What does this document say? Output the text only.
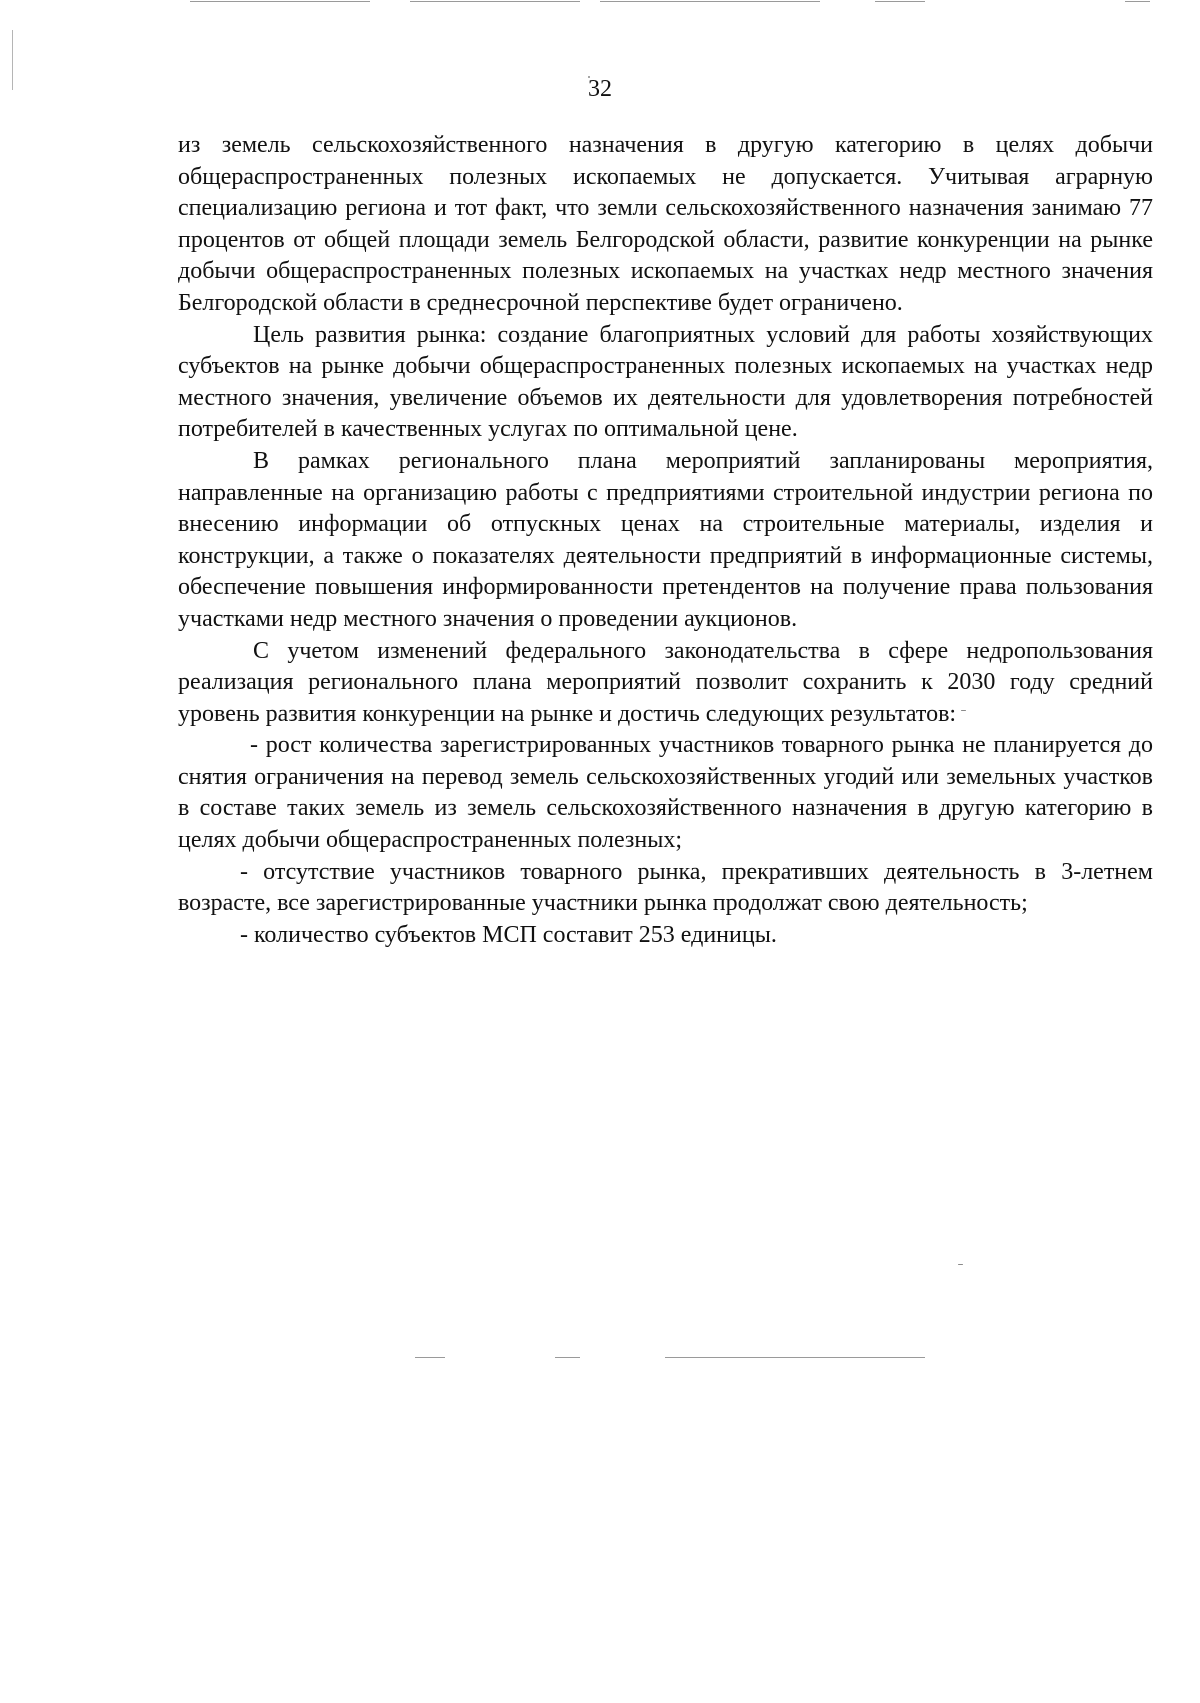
32

из земель сельскохозяйственного назначения в другую категорию в целях добычи общераспространенных полезных ископаемых не допускается. Учитывая аграрную специализацию региона и тот факт, что земли сельскохозяйственного назначения занимаю 77 процентов от общей площади земель Белгородской области, развитие конкуренции на рынке добычи общераспространенных полезных ископаемых на участках недр местного значения Белгородской области в среднесрочной перспективе будет ограничено.

Цель развития рынка: создание благоприятных условий для работы хозяйствующих субъектов на рынке добычи общераспространенных полезных ископаемых на участках недр местного значения, увеличение объемов их деятельности для удовлетворения потребностей потребителей в качественных услугах по оптимальной цене.

В рамках регионального плана мероприятий запланированы мероприятия, направленные на организацию работы с предприятиями строительной индустрии региона по внесению информации об отпускных ценах на строительные материалы, изделия и конструкции, а также о показателях деятельности предприятий в информационные системы, обеспечение повышения информированности претендентов на получение права пользования участками недр местного значения о проведении аукционов.

С учетом изменений федерального законодательства в сфере недропользования реализация регионального плана мероприятий позволит сохранить к 2030 году средний уровень развития конкуренции на рынке и достичь следующих результатов:

- рост количества зарегистрированных участников товарного рынка не планируется до снятия ограничения на перевод земель сельскохозяйственных угодий или земельных участков в составе таких земель из земель сельскохозяйственного назначения в другую категорию в целях добычи общераспространенных полезных;

- отсутствие участников товарного рынка, прекративших деятельность в 3-летнем возрасте, все зарегистрированные участники рынка продолжат свою деятельность;

- количество субъектов МСП составит 253 единицы.
